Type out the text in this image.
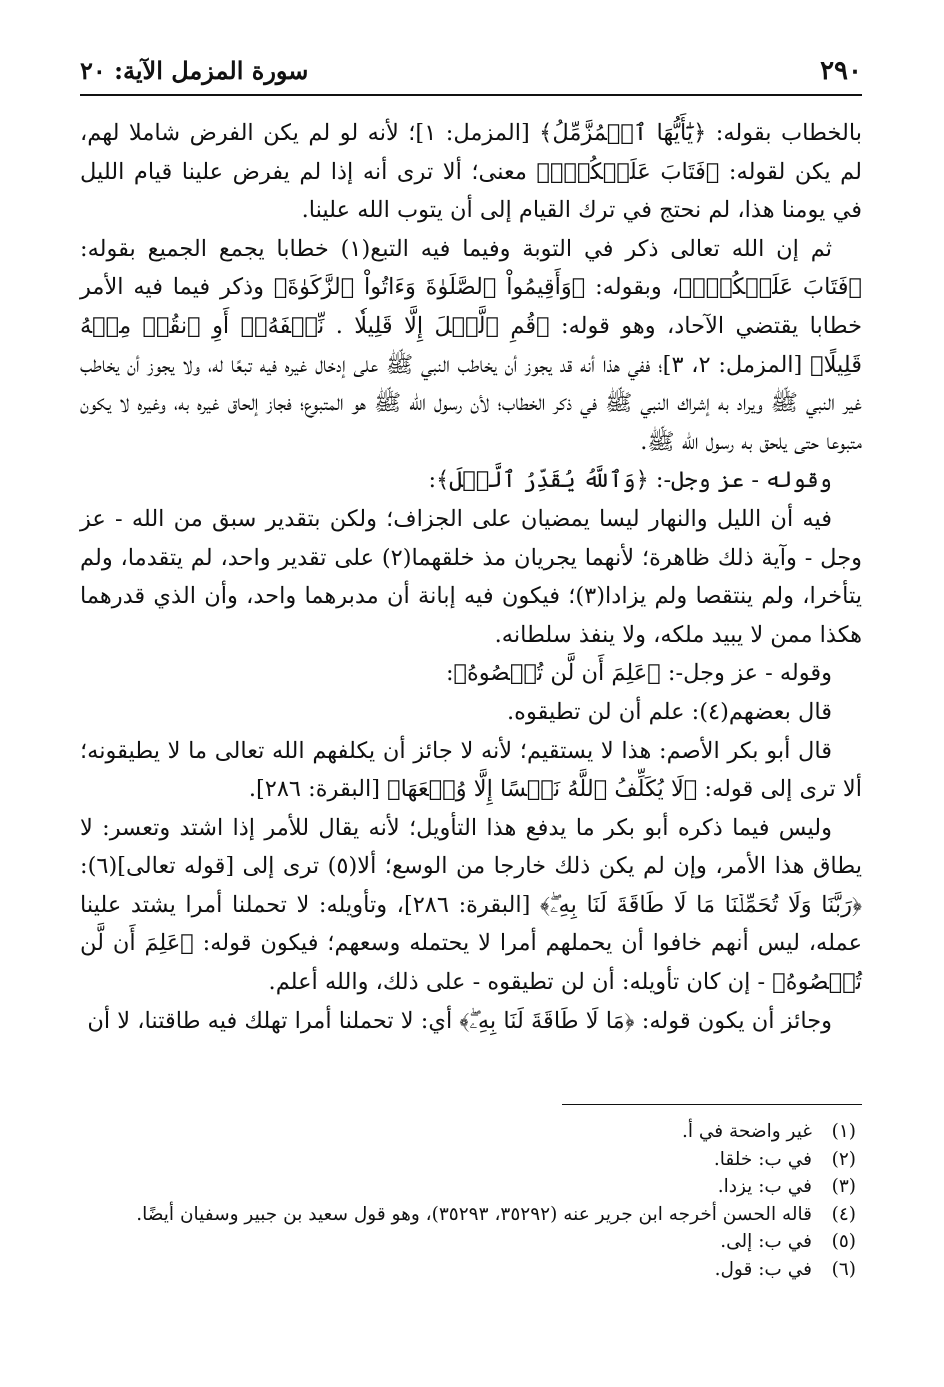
٢٩٠
سورة المزمل الآية: ٢٠

بالخطاب بقوله: ﴿يَٰٓأَيُّهَا ٱلۡمُزَّمِّلُ﴾ [المزمل: ١]؛ لأنه لو لم يكن الفرض شاملا لهم، لم يكن لقوله: ﴿فَتَابَ عَلَيۡكُمۡۖ﴾ معنى؛ ألا ترى أنه إذا لم يفرض علينا قيام الليل في يومنا هذا، لم نحتج في ترك القيام إلى أن يتوب الله علينا.

ثم إن الله تعالى ذكر في التوبة وفيما فيه التبع(١) خطابا يجمع الجميع بقوله: ﴿فَتَابَ عَلَيۡكُمۡۖ﴾، وبقوله: ﴿وَأَقِيمُواْ ٱلصَّلَوٰةَ وَءَاتُواْ ٱلزَّكَوٰةَ﴾ وذكر فيما فيه الأمر خطابا يقتضي الآحاد، وهو قوله: ﴿قُمِ ٱلَّيۡلَ إِلَّا قَلِيلٗا . نِّصۡفَهُۥٓ أَوِ ٱنقُصۡ مِنۡهُ قَلِيلًا﴾ [المزمل: ٢، ٣]؛ ففي هذا أنه قد يجوز أن يخاطب النبي ﷺ على إدخال غيره فيه تبعًا له، ولا يجوز أن يخاطب غير النبي ﷺ ويراد به إشراك النبي ﷺ في ذكر الخطاب؛ لأن رسول الله ﷺ هو المتبوع؛ فجاز إلحاق غيره به، وغيره لا يكون متبوعا حتى يلحق به رسول الله ﷺ.

وقوله - عز وجل-: ﴿وَٱللَّهُ يُقَدِّرُ ٱلَّيۡلَ﴾:

فيه أن الليل والنهار ليسا يمضيان على الجزاف؛ ولكن بتقدير سبق من الله - عز وجل - وآية ذلك ظاهرة؛ لأنهما يجريان مذ خلقهما(٢) على تقدير واحد، لم يتقدما، ولم يتأخرا، ولم ينتقصا ولم يزادا(٣)؛ فيكون فيه إبانة أن مدبرهما واحد، وأن الذي قدرهما هكذا ممن لا يبيد ملكه، ولا ينفذ سلطانه.

وقوله - عز وجل-: ﴿عَلِمَ أَن لَّن تُحۡصُوهُ﴾:

قال بعضهم(٤): علم أن لن تطيقوه.

قال أبو بكر الأصم: هذا لا يستقيم؛ لأنه لا جائز أن يكلفهم الله تعالى ما لا يطيقونه؛ ألا ترى إلى قوله: ﴿لَا يُكَلِّفُ ٱللَّهُ نَفۡسًا إِلَّا وُسۡعَهَا﴾ [البقرة: ٢٨٦].

وليس فيما ذكره أبو بكر ما يدفع هذا التأويل؛ لأنه يقال للأمر إذا اشتد وتعسر: لا يطاق هذا الأمر، وإن لم يكن ذلك خارجا من الوسع؛ ألا(٥) ترى إلى [قوله تعالى](٦): ﴿رَبَّنَا وَلَا تُحَمِّلۡنَا مَا لَا طَاقَةَ لَنَا بِهِۦۖ﴾ [البقرة: ٢٨٦]، وتأويله: لا تحملنا أمرا يشتد علينا عمله، ليس أنهم خافوا أن يحملهم أمرا لا يحتمله وسعهم؛ فيكون قوله: ﴿عَلِمَ أَن لَّن تُحۡصُوهُ﴾ - إن كان تأويله: أن لن تطيقوه - على ذلك، والله أعلم.

وجائز أن يكون قوله: ﴿مَا لَا طَاقَةَ لَنَا بِهِۦۖ﴾ أي: لا تحملنا أمرا تهلك فيه طاقتنا، لا أن

(١)
غير واضحة في أ.
(٢)
في ب: خلقا.
(٣)
في ب: يزدا.
(٤)
قاله الحسن أخرجه ابن جرير عنه (٣٥٢٩٢، ٣٥٢٩٣)، وهو قول سعيد بن جبير وسفيان أيضًا.
(٥)
في ب: إلى.
(٦)
في ب: قول.
